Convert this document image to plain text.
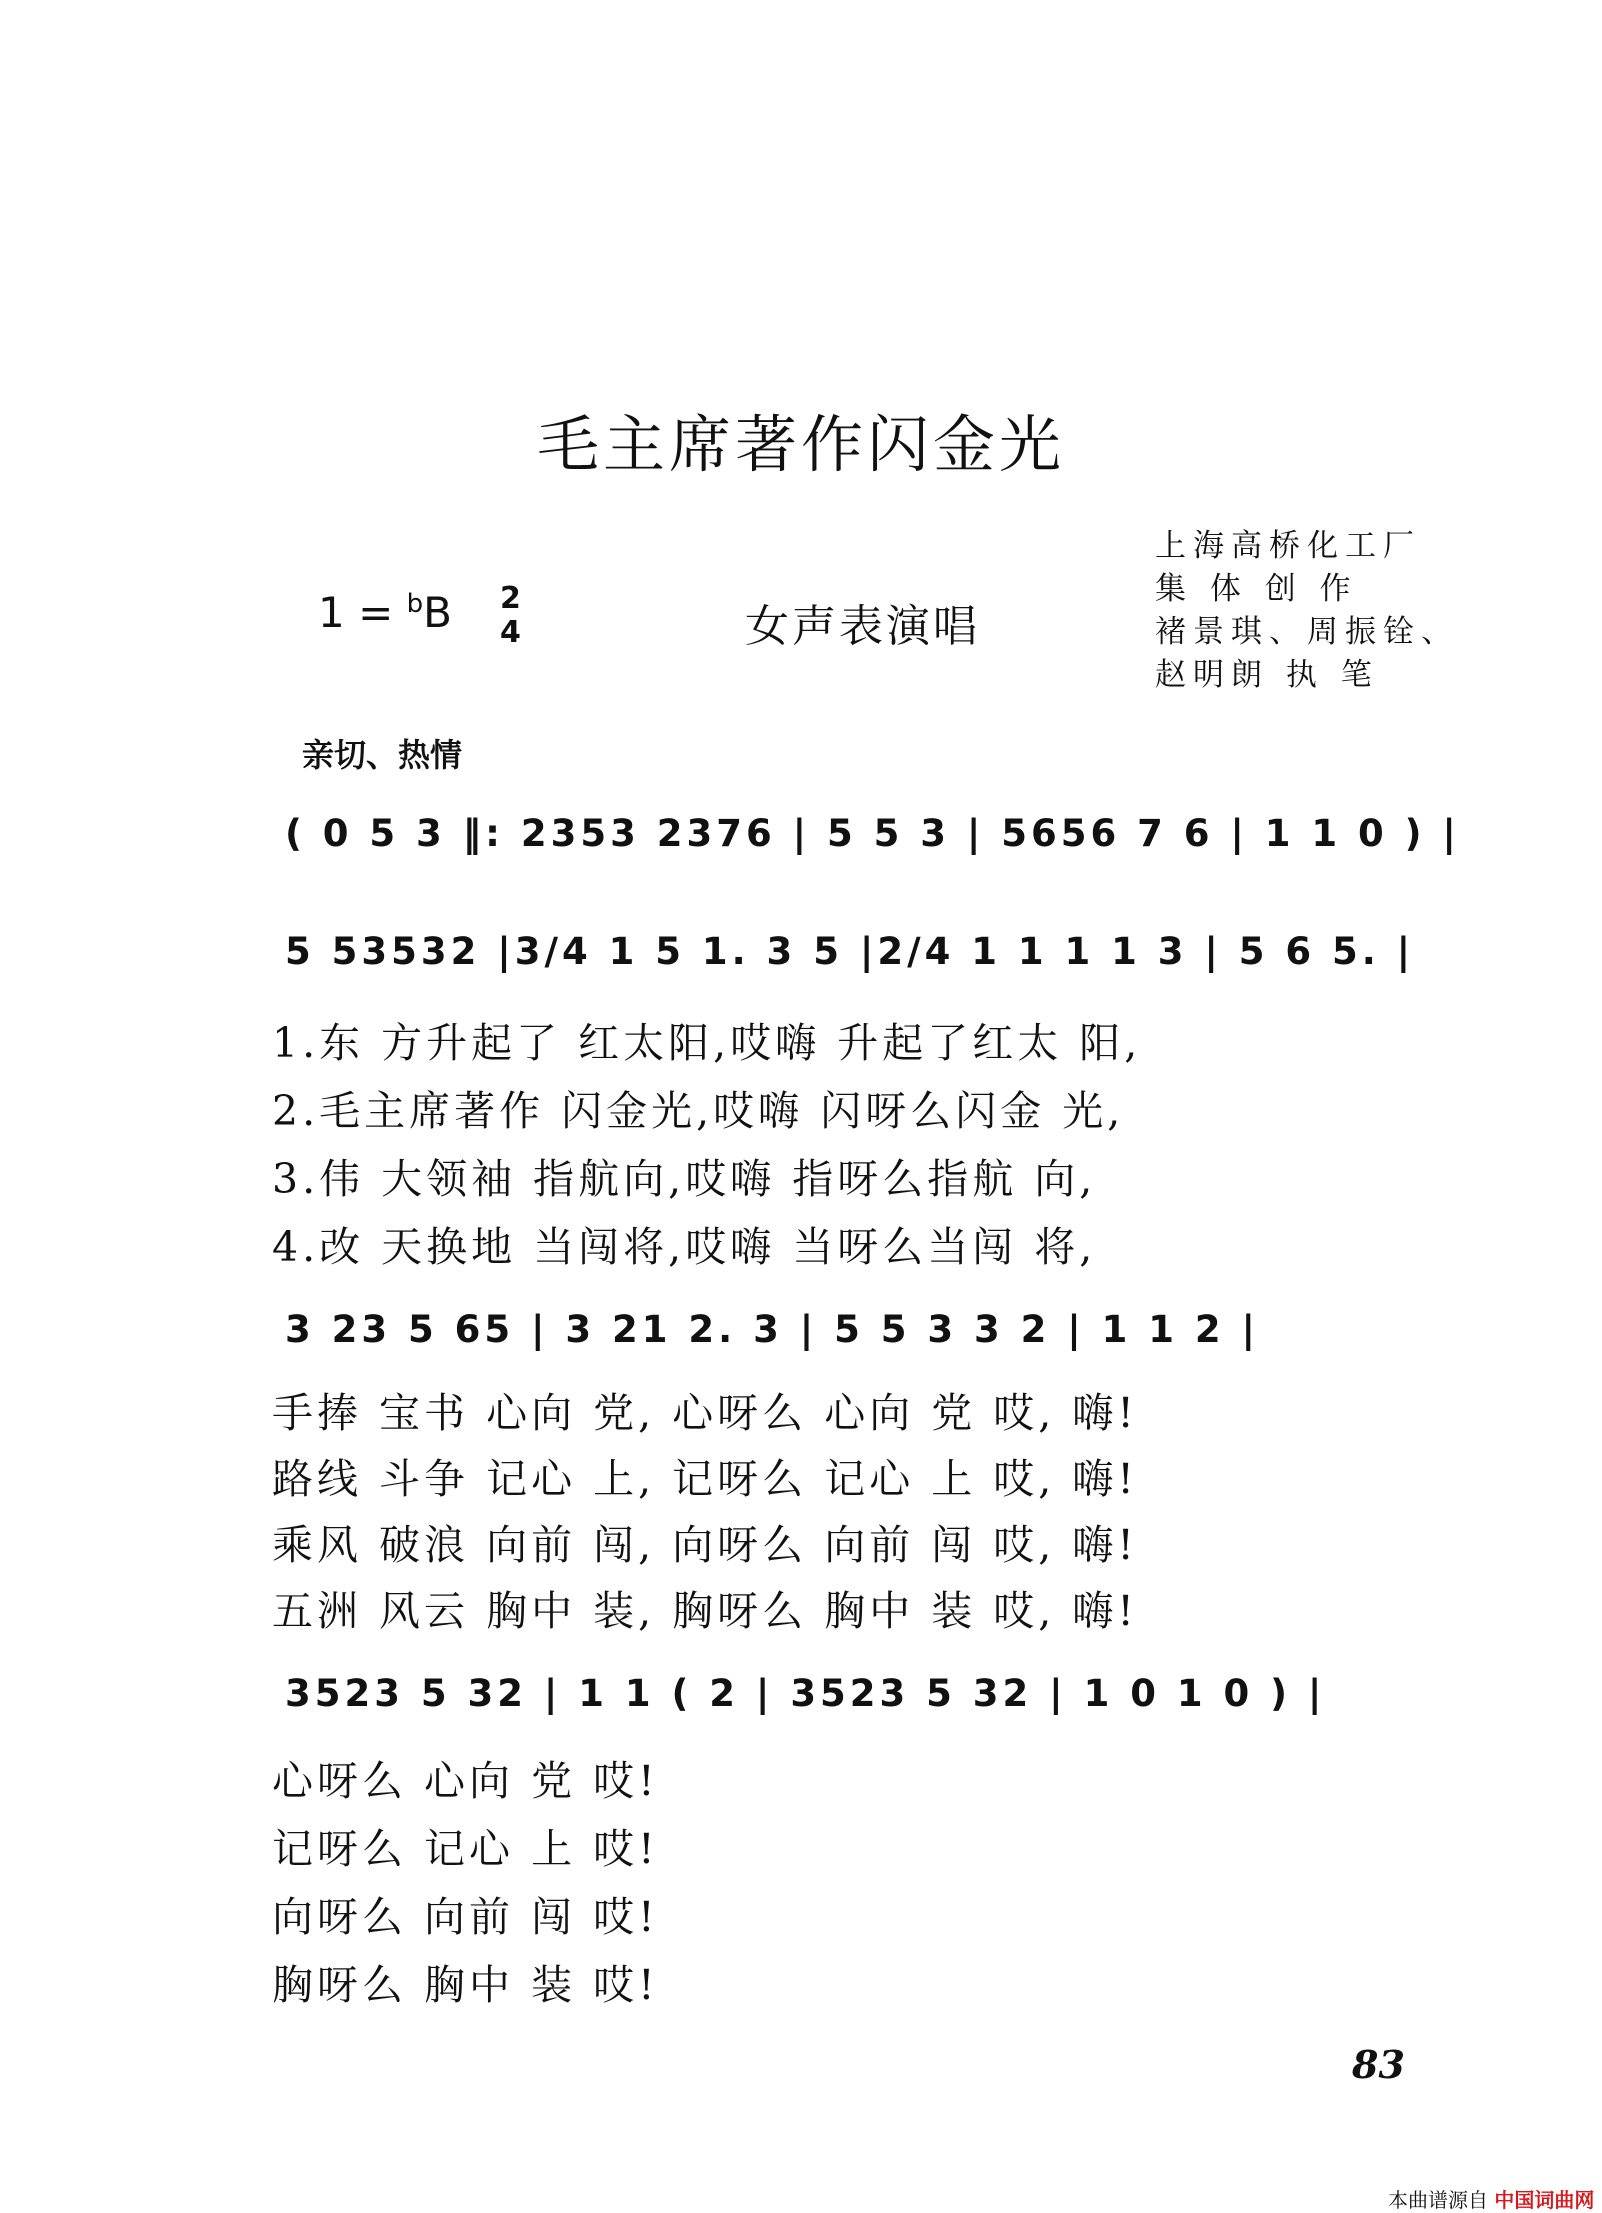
毛主席著作闪金光
1 = $^b$B 2
4	女声表演唱
上海高桥化工厂
集 体 创 作
褚景琪、周振铨、
赵明朗 执 笔
亲切、热情
( 0 5 3 ‖: 2353 2376 | 5 5 3 | 5656 7 6 | 1 1 0 ) |
5 53532 |3/4 1 5 1. 3 5 |2/4 1 1 1 1 3 | 5 6 5. |
1.东 方升起了 红太阳,哎嗨 升起了红太 阳,
2.毛主席著作 闪金光,哎嗨 闪呀么闪金 光,
3.伟 大领袖 指航向,哎嗨 指呀么指航 向,
4.改 天换地 当闯将,哎嗨 当呀么当闯 将,
3 23 5 65 | 3 21 2. 3 | 5 5 3 3 2 | 1 1 2 |
手捧 宝书 心向 党, 心呀么 心向 党 哎, 嗨!
路线 斗争 记心 上, 记呀么 记心 上 哎, 嗨!
乘风 破浪 向前 闯, 向呀么 向前 闯 哎, 嗨!
五洲 风云 胸中 装, 胸呀么 胸中 装 哎, 嗨!
3523 5 32 | 1 1 ( 2 | 3523 5 32 | 1 0 1 0 ) |
心呀么 心向 党 哎!
记呀么 记心 上 哎!
向呀么 向前 闯 哎!
胸呀么 胸中 装 哎!
83
本曲谱源自 中国词曲网
